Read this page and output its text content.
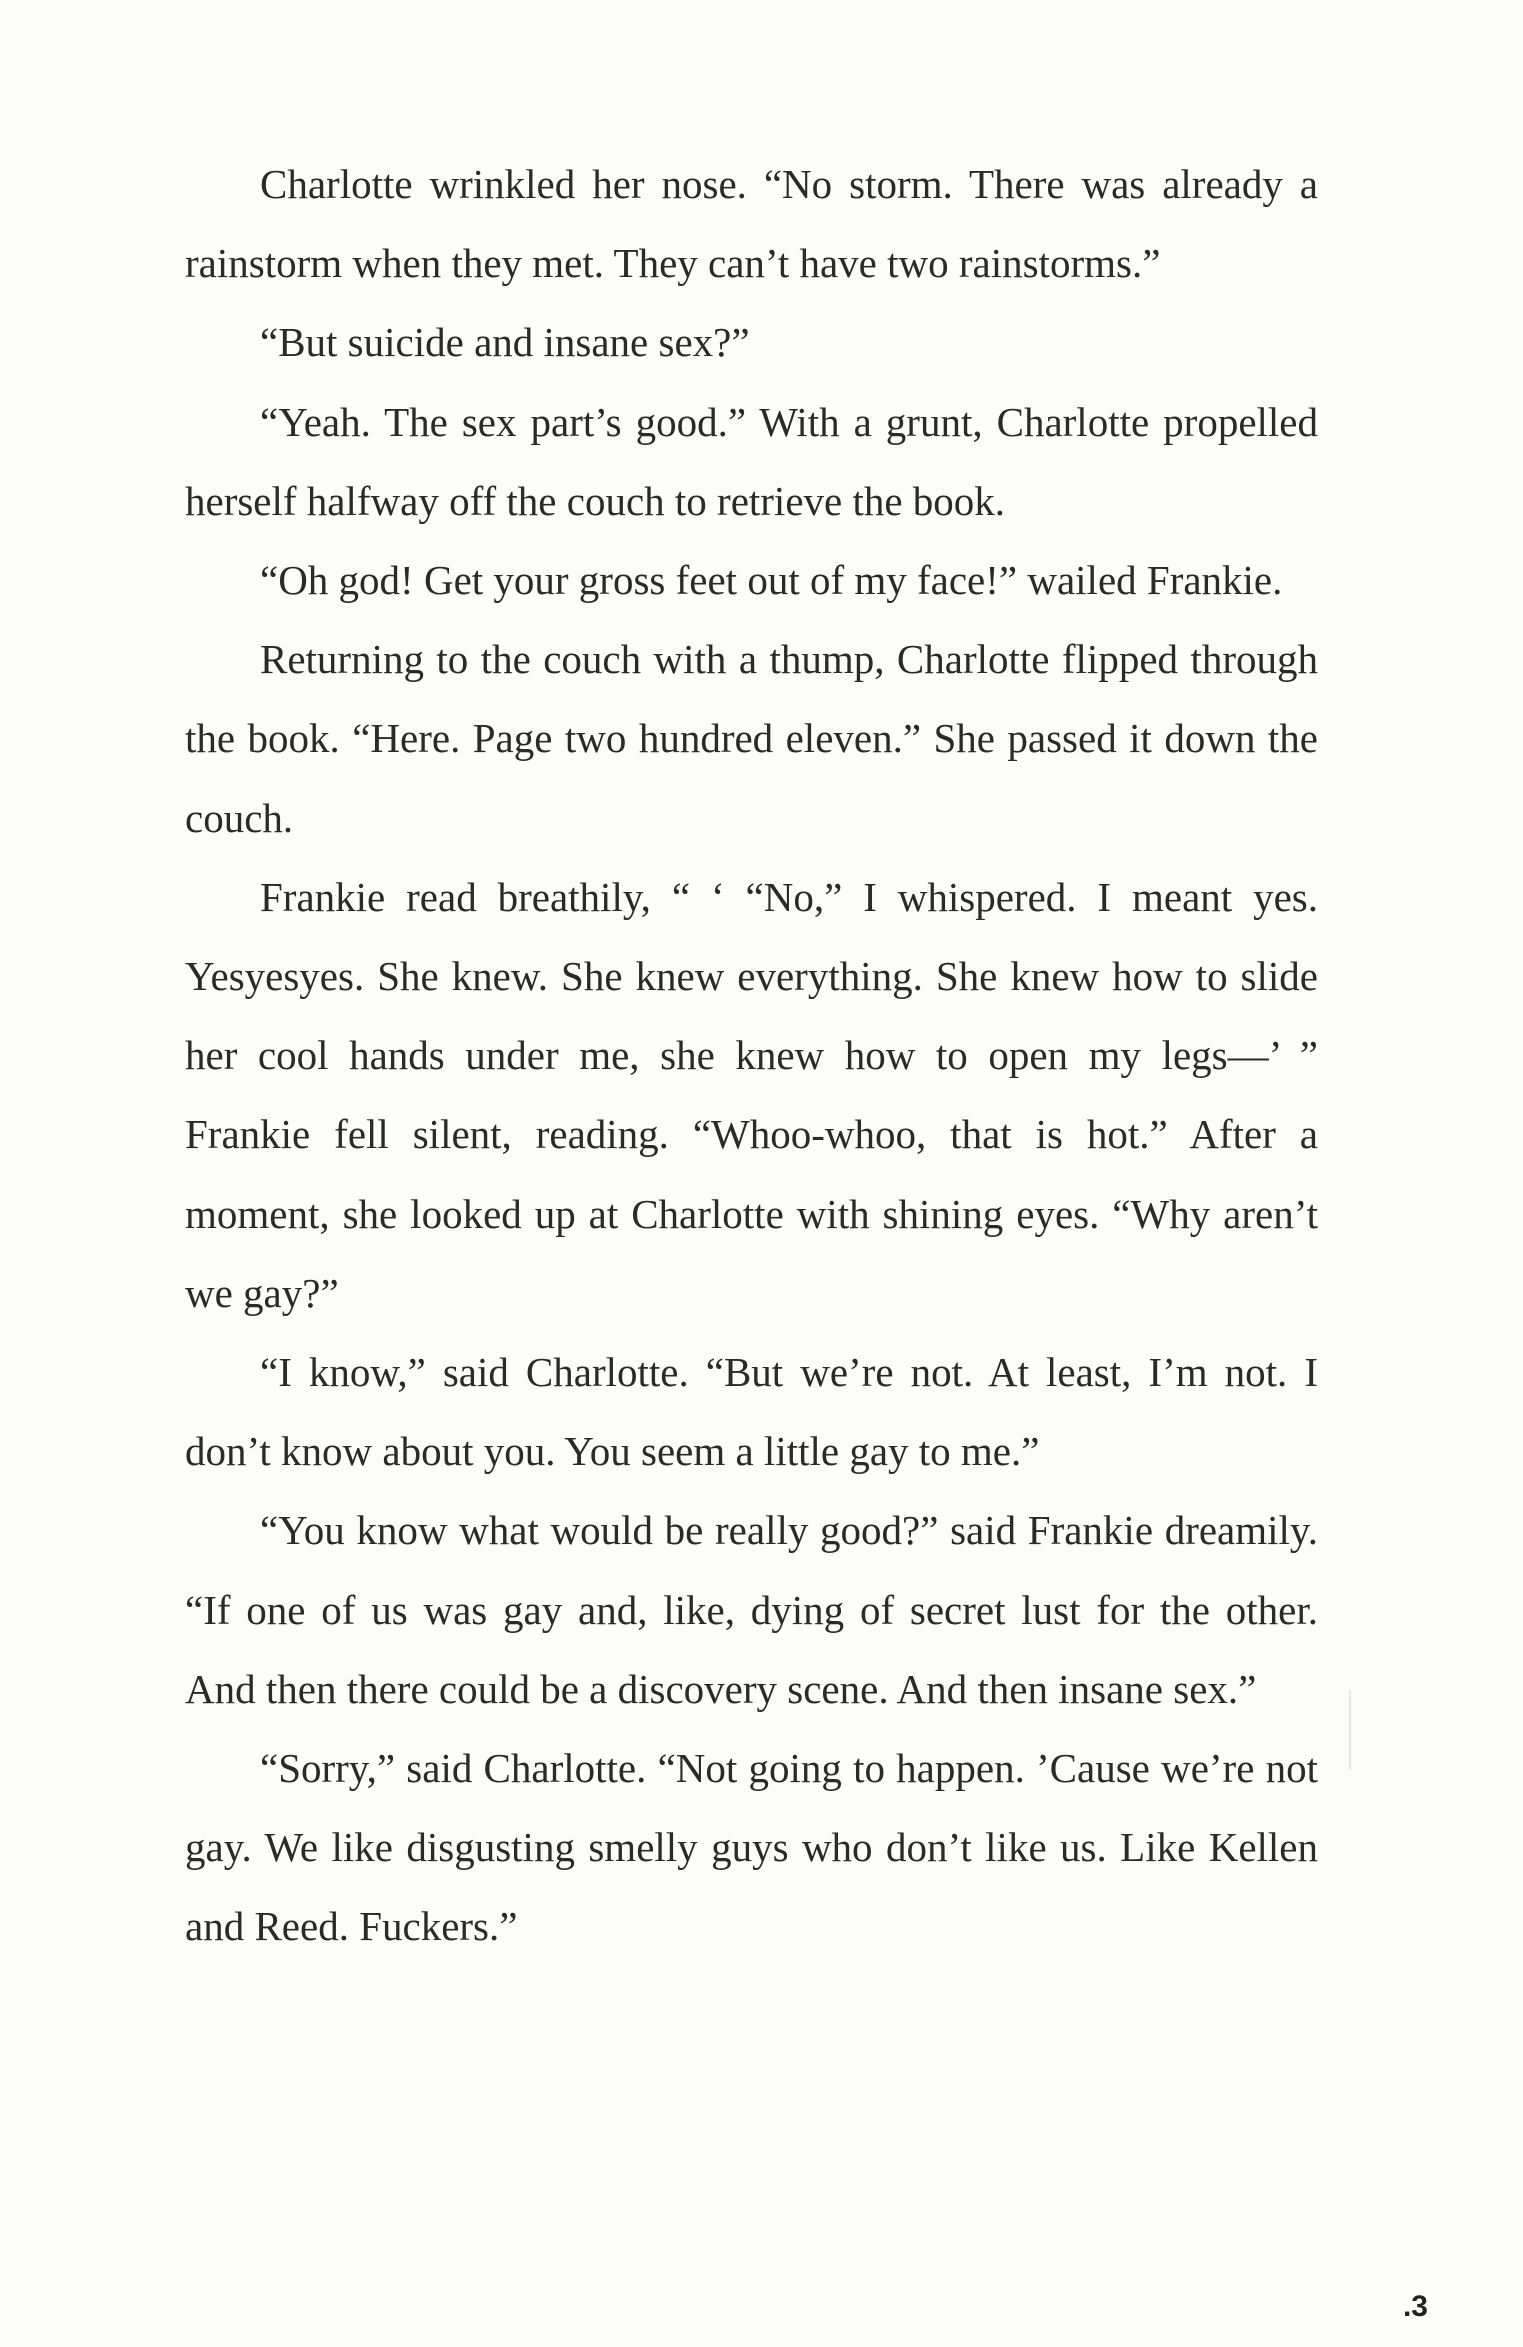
Charlotte wrinkled her nose. “No storm. There was already a rainstorm when they met. They can’t have two rainstorms.”

“But suicide and insane sex?”

“Yeah. The sex part’s good.” With a grunt, Charlotte propelled herself halfway off the couch to retrieve the book.

“Oh god! Get your gross feet out of my face!” wailed Frankie.

Returning to the couch with a thump, Charlotte flipped through the book. “Here. Page two hundred eleven.” She passed it down the couch.

Frankie read breathily, “ ‘ “No,” I whispered. I meant yes. Yesyesyes. She knew. She knew everything. She knew how to slide her cool hands under me, she knew how to open my legs—’ ” Frankie fell silent, reading. “Whoo-whoo, that is hot.” After a moment, she looked up at Charlotte with shining eyes. “Why aren’t we gay?”

“I know,” said Charlotte. “But we’re not. At least, I’m not. I don’t know about you. You seem a little gay to me.”

“You know what would be really good?” said Frankie dreamily. “If one of us was gay and, like, dying of secret lust for the other. And then there could be a discovery scene. And then insane sex.”

“Sorry,” said Charlotte. “Not going to happen. ’Cause we’re not gay. We like disgusting smelly guys who don’t like us. Like Kellen and Reed. Fuckers.”

.3
